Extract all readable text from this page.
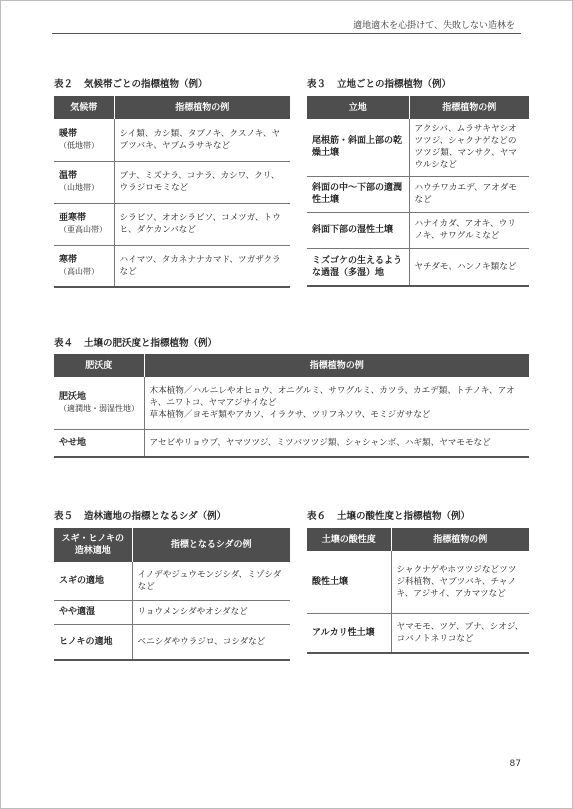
適地適木を心掛けて、失敗しない造林を
表２ 気候帯ごとの指標植物（例）
気候帯	指標植物の例
暖帯
（低地帯）	シイ類、カシ類、タブノキ、クスノキ、ヤブツバキ、ヤブムラサキなど
温帯
（山地帯）	ブナ、ミズナラ、コナラ、カシワ、クリ、ウラジロモミなど
亜寒帯
（亜高山帯）	シラビソ、オオシラビソ、コメツガ、トウヒ、ダケカンバなど
寒帯
（高山帯）	ハイマツ、タカネナナカマド、ツガザクラなど
表３ 立地ごとの指標植物（例）
立地	指標植物の例
尾根筋・斜面上部の乾燥土壌	アクシバ、ムラサキヤシオツツジ、シャクナゲなどのツツジ類、マンサク、ヤマウルシなど
斜面の中〜下部の適潤性土壌	ハウチワカエデ、アオダモなど
斜面下部の湿性土壌	ハナイカダ、アオキ、ウリノキ、サワグルミなど
ミズゴケの生えるような過湿（多湿）地	ヤチダモ、ハンノキ類など
表４ 土壌の肥沃度と指標植物（例）
肥沃度	指標植物の例
肥沃地
（適潤地・弱湿性地）	木本植物／ハルニレやオヒョウ、オニグルミ、サワグルミ、カツラ、カエデ類、トチノキ、アオキ、ニワトコ、ヤマアジサイなど
草本植物／ヨモギ類やアカソ、イラクサ、ツリフネソウ、モミジガサなど

やせ地	アセビやリョウブ、ヤマツツジ、ミツバツツジ類、シャシャンボ、ハギ類、ヤマモモなど
表５ 造林適地の指標となるシダ（例）
スギ・ヒノキの造林適地	指標となるシダの例
スギの適地	イノデやジュウモンジシダ、ミゾシダなど
やや適湿	リョウメンシダやオシダなど
ヒノキの適地	ベニシダやウラジロ、コシダなど
表６ 土壌の酸性度と指標植物（例）
土壌の酸性度	指標植物の例
酸性土壌	シャクナゲやホツツジなどツツジ科植物、ヤブツバキ、チャノキ、アジサイ、アカマツなど
アルカリ性土壌	ヤマモモ、ツゲ、ブナ、シオジ、コバノトネリコなど
87
